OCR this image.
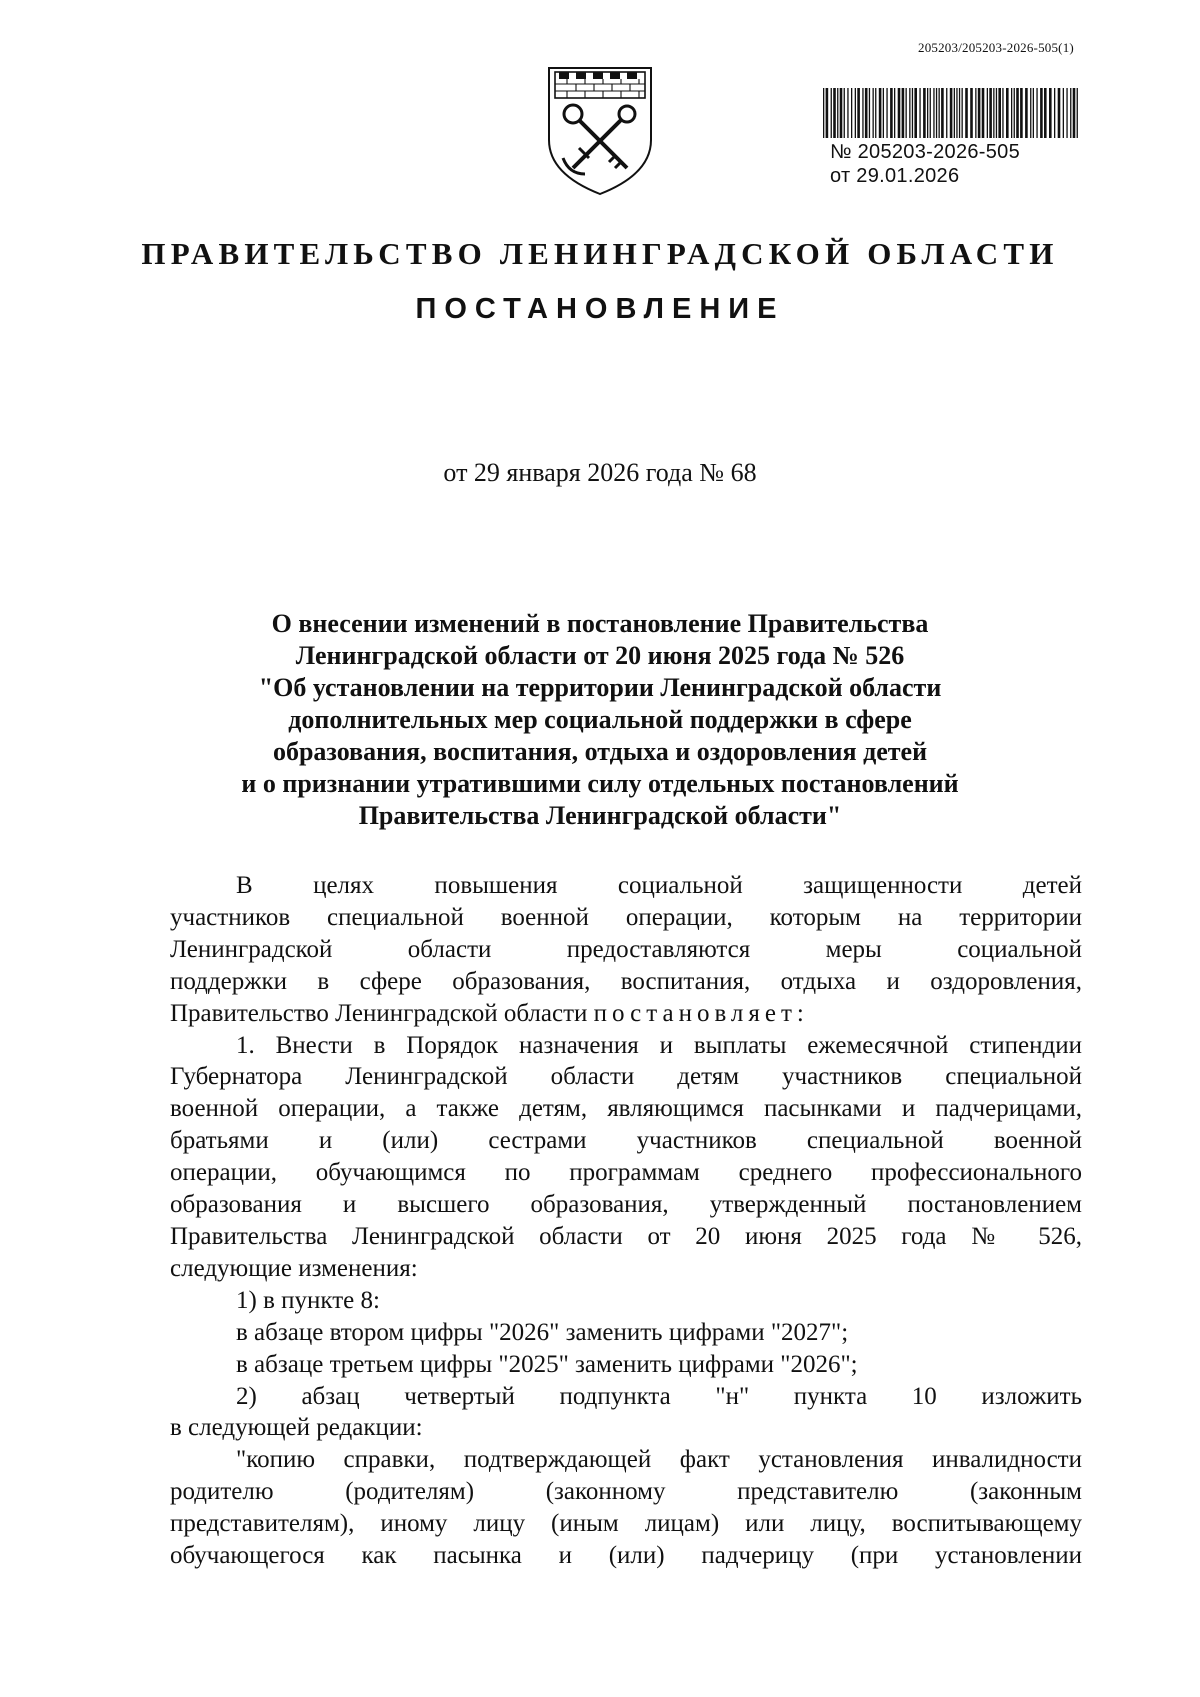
205203/205203-2026-505(1)
№ 205203-2026-505
от 29.01.2026
ПРАВИТЕЛЬСТВО ЛЕНИНГРАДСКОЙ ОБЛАСТИ
ПОСТАНОВЛЕНИЕ
от 29 января 2026 года № 68
О внесении изменений в постановление Правительства
Ленинградской области от 20 июня 2025 года № 526
"Об установлении на территории Ленинградской области
дополнительных мер социальной поддержки в сфере
образования, воспитания, отдыха и оздоровления детей
и о признании утратившими силу отдельных постановлений
Правительства Ленинградской области"
В целях повышения социальной защищенности детей
участников специальной военной операции, которым на территории
Ленинградской области предоставляются меры социальной
поддержки в сфере образования, воспитания, отдыха и оздоровления,
Правительство Ленинградской области постановляет:
1. Внести в Порядок назначения и выплаты ежемесячной стипендии
Губернатора Ленинградской области детям участников специальной
военной операции, а также детям, являющимся пасынками и падчерицами,
братьями и (или) сестрами участников специальной военной
операции, обучающимся по программам среднего профессионального
образования и высшего образования, утвержденный постановлением
Правительства Ленинградской области от 20 июня 2025 года № 526,
следующие изменения:
1) в пункте 8:
в абзаце втором цифры "2026" заменить цифрами "2027";
в абзаце третьем цифры "2025" заменить цифрами "2026";
2) абзац четвертый подпункта "н" пункта 10 изложить
в следующей редакции:
"копию справки, подтверждающей факт установления инвалидности
родителю (родителям) (законному представителю (законным
представителям), иному лицу (иным лицам) или лицу, воспитывающему
обучающегося как пасынка и (или) падчерицу (при установлении
